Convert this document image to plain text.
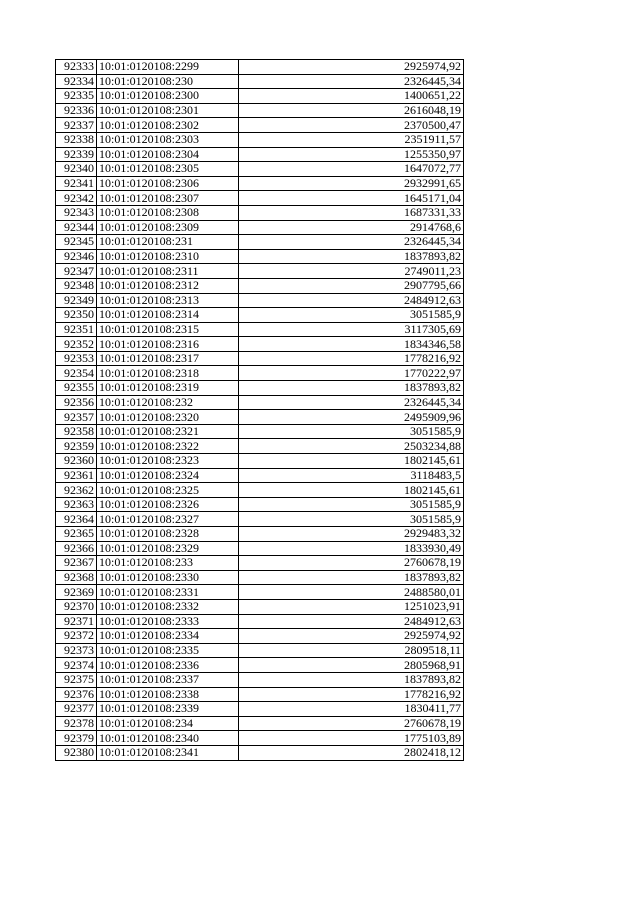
92333	10:01:0120108:2299	2925974,92
92334	10:01:0120108:230	2326445,34
92335	10:01:0120108:2300	1400651,22
92336	10:01:0120108:2301	2616048,19
92337	10:01:0120108:2302	2370500,47
92338	10:01:0120108:2303	2351911,57
92339	10:01:0120108:2304	1255350,97
92340	10:01:0120108:2305	1647072,77
92341	10:01:0120108:2306	2932991,65
92342	10:01:0120108:2307	1645171,04
92343	10:01:0120108:2308	1687331,33
92344	10:01:0120108:2309	2914768,6
92345	10:01:0120108:231	2326445,34
92346	10:01:0120108:2310	1837893,82
92347	10:01:0120108:2311	2749011,23
92348	10:01:0120108:2312	2907795,66
92349	10:01:0120108:2313	2484912,63
92350	10:01:0120108:2314	3051585,9
92351	10:01:0120108:2315	3117305,69
92352	10:01:0120108:2316	1834346,58
92353	10:01:0120108:2317	1778216,92
92354	10:01:0120108:2318	1770222,97
92355	10:01:0120108:2319	1837893,82
92356	10:01:0120108:232	2326445,34
92357	10:01:0120108:2320	2495909,96
92358	10:01:0120108:2321	3051585,9
92359	10:01:0120108:2322	2503234,88
92360	10:01:0120108:2323	1802145,61
92361	10:01:0120108:2324	3118483,5
92362	10:01:0120108:2325	1802145,61
92363	10:01:0120108:2326	3051585,9
92364	10:01:0120108:2327	3051585,9
92365	10:01:0120108:2328	2929483,32
92366	10:01:0120108:2329	1833930,49
92367	10:01:0120108:233	2760678,19
92368	10:01:0120108:2330	1837893,82
92369	10:01:0120108:2331	2488580,01
92370	10:01:0120108:2332	1251023,91
92371	10:01:0120108:2333	2484912,63
92372	10:01:0120108:2334	2925974,92
92373	10:01:0120108:2335	2809518,11
92374	10:01:0120108:2336	2805968,91
92375	10:01:0120108:2337	1837893,82
92376	10:01:0120108:2338	1778216,92
92377	10:01:0120108:2339	1830411,77
92378	10:01:0120108:234	2760678,19
92379	10:01:0120108:2340	1775103,89
92380	10:01:0120108:2341	2802418,12
